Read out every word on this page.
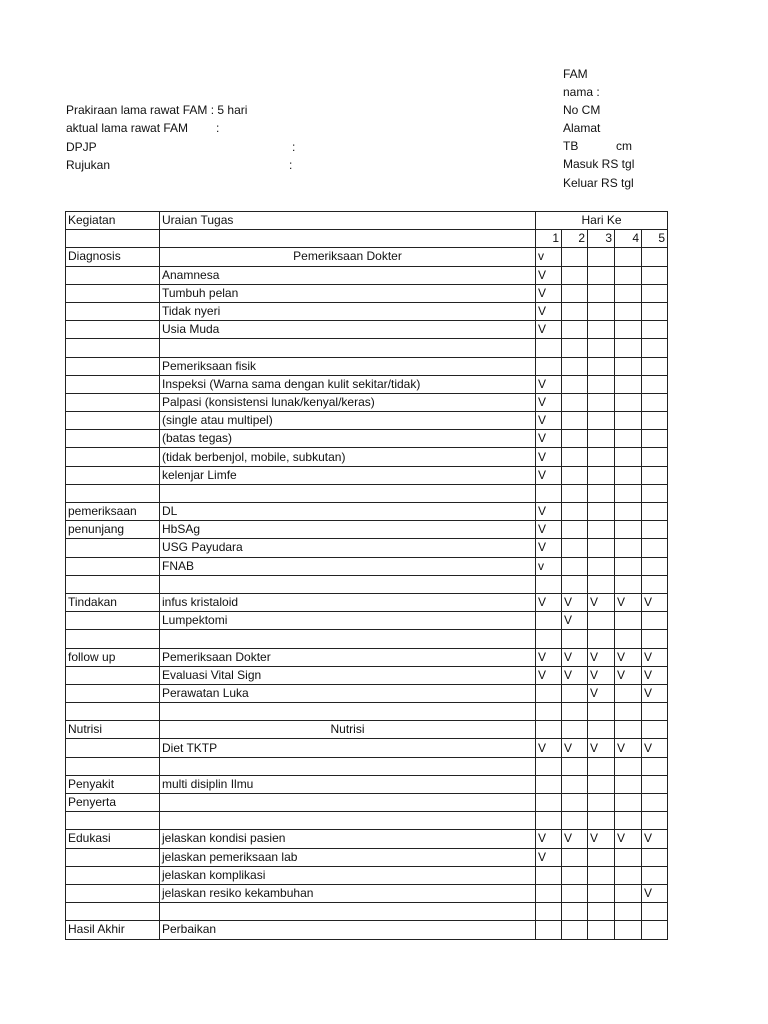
Prakiraan lama rawat FAM : 5 hari
aktual lama rawat FAM :
DPJP	:
Rujukan	:
FAM
nama :
No CM
Alamat
TB	cm
Masuk RS tgl
Keluar RS tgl
Kegiatan	Uraian Tugas	Hari Ke				
		1	2	3	4	5
Diagnosis	Pemeriksaan Dokter	v				
	Anamnesa	V				
	Tumbuh pelan	V				
	Tidak nyeri	V				
	Usia Muda	V				

	Pemeriksaan fisik					
	Inspeksi (Warna sama dengan kulit sekitar/tidak)	V				
	Palpasi (konsistensi lunak/kenyal/keras)	V				
	(single atau multipel)	V				
	(batas tegas)	V				
	(tidak berbenjol, mobile, subkutan)	V				
	kelenjar Limfe	V				

pemeriksaan	DL	V				
penunjang	HbSAg	V				
	USG Payudara	V				
	FNAB	v				

Tindakan	infus kristaloid	V	V	V	V	V
	Lumpektomi		V			

follow up	Pemeriksaan Dokter	V	V	V	V	V
	Evaluasi Vital Sign	V	V	V	V	V
	Perawatan Luka			V		V

Nutrisi	Nutrisi					
	Diet TKTP	V	V	V	V	V

Penyakit	multi disiplin Ilmu					
Penyerta						

Edukasi	jelaskan kondisi pasien	V	V	V	V	V
	jelaskan pemeriksaan lab	V				
	jelaskan komplikasi					
	jelaskan resiko kekambuhan					V

Hasil Akhir	Perbaikan					
